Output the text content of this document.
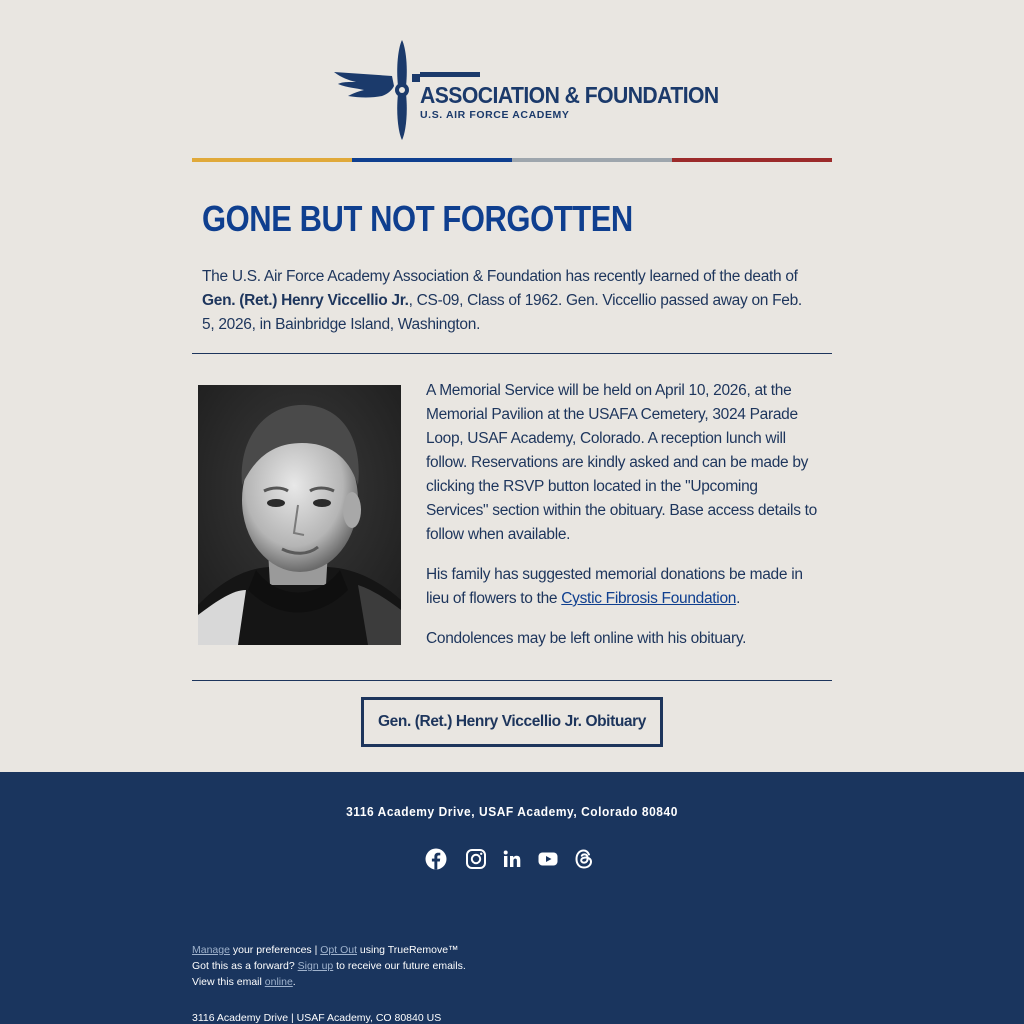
ASSOCIATION & FOUNDATION
U.S. AIR FORCE ACADEMY
GONE BUT NOT FORGOTTEN

The U.S. Air Force Academy Association & Foundation has recently learned of the death of Gen. (Ret.) Henry Viccellio Jr., CS-09, Class of 1962. Gen. Viccellio passed away on Feb. 5, 2026, in Bainbridge Island, Washington.

A Memorial Service will be held on April 10, 2026, at the Memorial Pavilion at the USAFA Cemetery, 3024 Parade Loop, USAF Academy, Colorado. A reception lunch will follow. Reservations are kindly asked and can be made by clicking the RSVP button located in the "Upcoming Services" section within the obituary. Base access details to follow when available.

His family has suggested memorial donations be made in lieu of flowers to the Cystic Fibrosis Foundation.

Condolences may be left online with his obituary.

Gen. (Ret.) Henry Viccellio Jr. Obituary
3116 Academy Drive, USAF Academy, Colorado 80840
Manage your preferences | Opt Out using TrueRemove™
Got this as a forward? Sign up to receive our future emails.
View this email online.
3116 Academy Drive | USAF Academy, CO 80840 US
